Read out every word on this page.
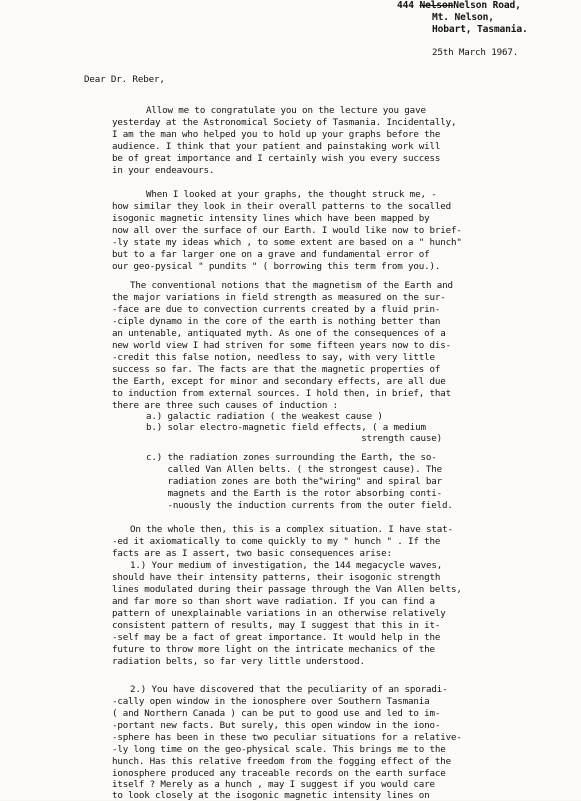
444 NelsonNelson Road,
Mt. Nelson,
Hobart, Tasmania.
25th March 1967.
Dear Dr. Reber,
Allow me to congratulate you on the lecture you gave
yesterday at the Astronomical Society of Tasmania. Incidentally,
I am the man who helped you to hold up your graphs before the
audience. I think that your patient and painstaking work will
be of great importance and I certainly wish you every success
in your endeavours.
When I looked at your graphs, the thought struck me, -
how similar they look in their overall patterns to the socalled
isogonic magnetic intensity lines which have been mapped by
now all over the surface of our Earth. I would like now to brief-
-ly state my ideas which , to some extent are based on a " hunch"
but to a far larger one on a grave and fundamental error of
our geo-pysical " pundits " ( borrowing this term from you.).
The conventional notions that the magnetism of the Earth and
the major variations in field strength as measured on the sur-
-face are due to convection currents created by a fluid prin-
-ciple dynamo in the core of the earth is nothing better than
an untenable, antiquated myth. As one of the consequences of a
new world view I had striven for some fifteen years now to dis-
-credit this false notion, needless to say, with very little
success so far. The facts are that the magnetic properties of
the Earth, except for minor and secondary effects, are all due
to induction from external sources. I hold then, in brief, that
there are three such causes of induction :
a.) galactic radiation ( the weakest cause )
b.) solar electro-magnetic field effects, ( a medium
strength cause)
c.) the radiation zones surrounding the Earth, the so-
called Van Allen belts. ( the strongest cause). The
radiation zones are both the"wiring" and spiral bar
magnets and the Earth is the rotor absorbing conti-
-nuously the induction currents from the outer field.
On the whole then, this is a complex situation. I have stat-
-ed it axiomatically to come quickly to my " hunch " . If the
facts are as I assert, two basic consequences arise:
1.) Your medium of investigation, the 144 megacycle waves,
should have their intensity patterns, their isogonic strength
lines modulated during their passage through the Van Allen belts,
and far more so than short wave radiation. If you can find a
pattern of unexplainable variations in an otherwise relatively
consistent pattern of results, may I suggest that this in it-
-self may be a fact of great importance. It would help in the
future to throw more light on the intricate mechanics of the
radiation belts, so far very little understood.
2.) You have discovered that the peculiarity of an sporadi-
-cally open window in the ionosphere over Southern Tasmania
( and Northern Canada ) can be put to good use and led to im-
-portant new facts. But surely, this open window in the iono-
-sphere has been in these two peculiar situations for a relative-
-ly long time on the geo-physical scale. This brings me to the
hunch. Has this relative freedom from the fogging effect of the
ionosphere produced any traceable records on the earth surface
itself ? Merely as a hunch , may I suggest if you would care
to look closely at the isogonic magnetic intensity lines on
